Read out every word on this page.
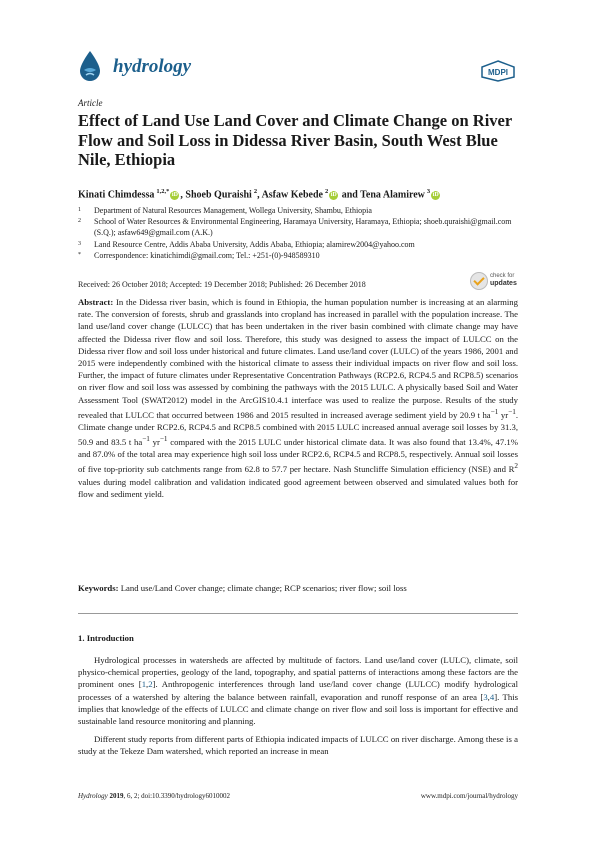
hydrology	MDPI
Article
Effect of Land Use Land Cover and Climate Change on River Flow and Soil Loss in Didessa River Basin, South West Blue Nile, Ethiopia
Kinati Chimdessa  $^{1,2,*}$iD , Shoeb Quraishi  $^2$, Asfaw Kebede  $^2$iD and Tena Alamirew  $^3$iD
1	Department of Natural Resources Management, Wollega University, Shambu, Ethiopia
2	School of Water Resources & Environmental Engineering, Haramaya University, Haramaya, Ethiopia; shoeb.quraishi@gmail.com (S.Q.); asfaw649@gmail.com (A.K.)
3	Land Resource Centre, Addis Ababa University, Addis Ababa, Ethiopia; alamirew2004@yahoo.com
*	Correspondence: kinatichimdi@gmail.com; Tel.: +251-(0)-948589310
Received: 26 October 2018; Accepted: 19 December 2018; Published: 26 December 2018
check for
updates
Abstract: In the Didessa river basin, which is found in Ethiopia, the human population number is increasing at an alarming rate. The conversion of forests, shrub and grasslands into cropland has increased in parallel with the population increase. The land use/land cover change (LULCC) that has been undertaken in the river basin combined with climate change may have affected the Didessa river flow and soil loss. Therefore, this study was designed to assess the impact of LULCC on the Didessa river flow and soil loss under historical and future climates. Land use/land cover (LULC) of the years 1986, 2001 and 2015 were independently combined with the historical climate to assess their individual impacts on river flow and soil loss. Further, the impact of future climates under Representative Concentration Pathways (RCP2.6, RCP4.5 and RCP8.5) scenarios on river flow and soil loss was assessed by combining the pathways with the 2015 LULC. A physically based Soil and Water Assessment Tool (SWAT2012) model in the ArcGIS10.4.1 interface was used to realize the purpose. Results of the study revealed that LULCC that occurred between 1986 and 2015 resulted in increased average sediment yield by 20.9 t $ha^{-1}$ $yr^{-1}$. Climate change under RCP2.6, RCP4.5 and RCP8.5 combined with 2015 LULC increased annual average soil losses by 31.3, 50.9 and 83.5 t $ha^{-1}$ $yr^{-1}$ compared with the 2015 LULC under historical climate data. It was also found that 13.4%, 47.1% and 87.0% of the total area may experience high soil loss under RCP2.6, RCP4.5 and RCP8.5, respectively. Annual soil losses of five top-priority sub catchments range from 62.8 to 57.7 per hectare. Nash Stuncliffe Simulation efficiency (NSE) and $R^2$ values during model calibration and validation indicated good agreement between observed and simulated values both for flow and sediment yield.
Keywords: Land use/Land Cover change; climate change; RCP scenarios; river flow; soil loss
1. Introduction

Hydrological processes in watersheds are affected by multitude of factors. Land use/land cover (LULC), climate, soil physico-chemical properties, geology of the land, topography, and spatial patterns of interactions among these factors are the prominent ones [1,2]. Anthropogenic interferences through land use/land cover change (LULCC) modify hydrological processes of a watershed by altering the balance between rainfall, evaporation and runoff response of an area [3,4]. This implies that knowledge of the effects of LULCC and climate change on river flow and soil loss is important for effective and sustainable land resource monitoring and planning.

Different study reports from different parts of Ethiopia indicated impacts of LULCC on river discharge. Among these is a study at the Tekeze Dam watershed, which reported an increase in mean

Hydrology 2019, 6, 2; doi:10.3390/hydrology6010002	www.mdpi.com/journal/hydrology
